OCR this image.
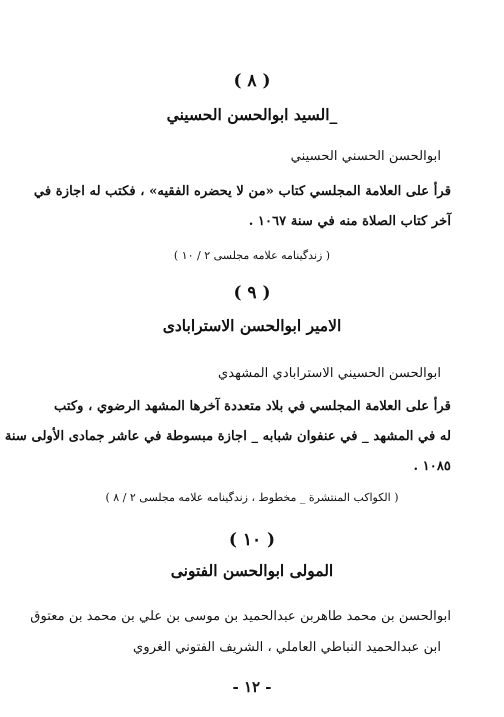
( ٨ )
_السيد ابوالحسن الحسيني
ابوالحسن الحسني الحسيني
قرأ على العلامة المجلسي كتاب «من لا يحضره الفقيه» ، فكتب له اجازة في
آخر كتاب الصلاة منه في سنة ١٠٦٧ .
( زندگينامه علامه مجلسى ٢ / ١٠ )
( ٩ )
الامير ابوالحسن الاسترابادى
ابوالحسن الحسيني الاسترابادي المشهدي
قرأ على العلامة المجلسي في بلاد متعددة آخرها المشهد الرضوي ، وكتب
له في المشهد _ في عنفوان شبابه _ اجازة مبسوطة في عاشر جمادى الأولى سنة
١٠٨٥ .
( الكواكب المنتشرة _ مخطوط ، زندگينامه علامه مجلسى ٢ / ٨ )
( ١٠ )
المولى ابوالحسن الفتونى
ابوالحسن بن محمد طاهربن عبدالحميد بن موسى بن علي بن محمد بن معتوق
ابن عبدالحميد النباطي العاملي ، الشريف الفتوني الغروي
- ١٢ -
